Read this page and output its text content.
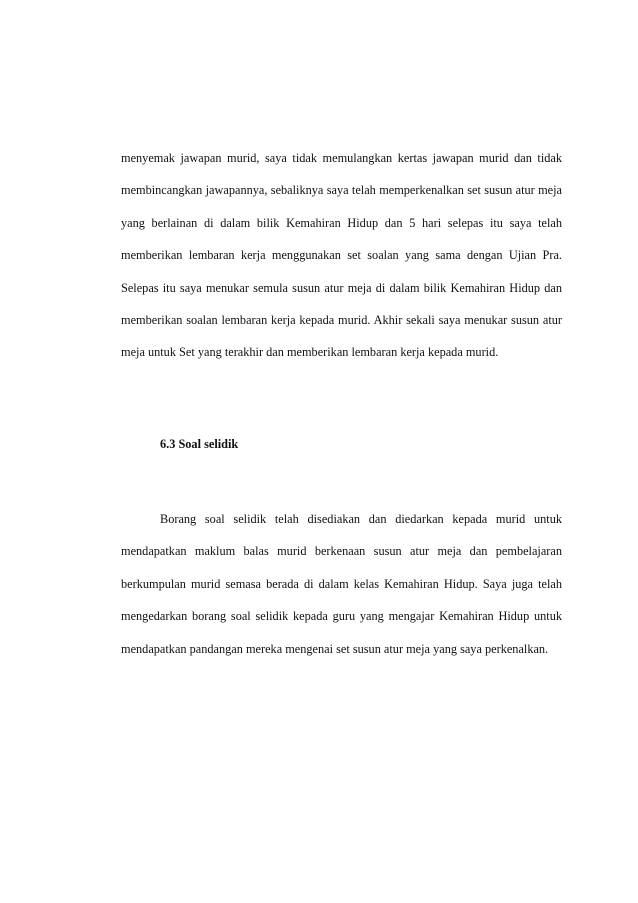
menyemak jawapan murid, saya tidak memulangkan kertas jawapan murid dan tidak membincangkan jawapannya, sebaliknya saya telah memperkenalkan set susun atur meja yang berlainan di dalam bilik Kemahiran Hidup dan 5 hari selepas itu saya telah memberikan lembaran kerja menggunakan set soalan yang sama dengan Ujian Pra. Selepas itu saya menukar semula susun atur meja di dalam bilik Kemahiran Hidup dan memberikan soalan lembaran kerja kepada murid. Akhir sekali saya menukar susun atur meja untuk Set yang terakhir dan memberikan lembaran kerja kepada murid.

6.3 Soal selidik

Borang soal selidik telah disediakan dan diedarkan kepada murid untuk mendapatkan maklum balas murid berkenaan susun atur meja dan pembelajaran berkumpulan murid semasa berada di dalam kelas Kemahiran Hidup. Saya juga telah mengedarkan borang soal selidik kepada guru yang mengajar Kemahiran Hidup untuk mendapatkan pandangan mereka mengenai set susun atur meja yang saya perkenalkan.
